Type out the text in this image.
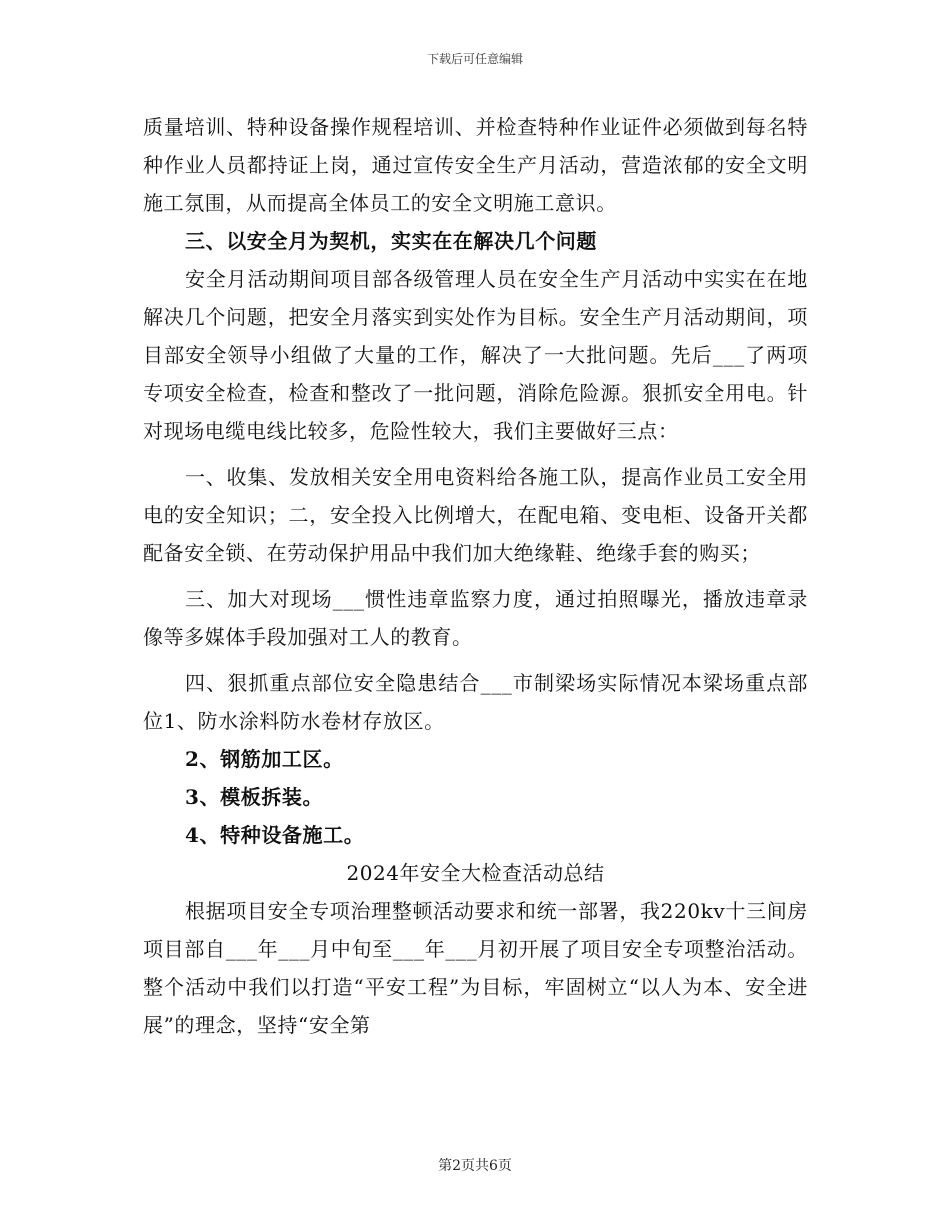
下载后可任意编辑

质量培训、特种设备操作规程培训、并检查特种作业证件必须做到每名特种作业人员都持证上岗，通过宣传安全生产月活动，营造浓郁的安全文明施工氛围，从而提高全体员工的安全文明施工意识。

三、以安全月为契机，实实在在解决几个问题

安全月活动期间项目部各级管理人员在安全生产月活动中实实在在地解决几个问题，把安全月落实到实处作为目标。安全生产月活动期间，项目部安全领导小组做了大量的工作，解决了一大批问题。先后___了两项专项安全检查，检查和整改了一批问题，消除危险源。狠抓安全用电。针对现场电缆电线比较多，危险性较大，我们主要做好三点：

一、收集、发放相关安全用电资料给各施工队，提高作业员工安全用电的安全知识；二，安全投入比例增大，在配电箱、变电柜、设备开关都配备安全锁、在劳动保护用品中我们加大绝缘鞋、绝缘手套的购买；

三、加大对现场___惯性违章监察力度，通过拍照曝光，播放违章录像等多媒体手段加强对工人的教育。

四、狠抓重点部位安全隐患结合___市制梁场实际情况本梁场重点部位1、防水涂料防水卷材存放区。

2、钢筋加工区。

3、模板拆装。

4、特种设备施工。

2024年安全大检查活动总结

根据项目安全专项治理整顿活动要求和统一部署，我220kv十三间房项目部自___年___月中旬至___年___月初开展了项目安全专项整治活动。整个活动中我们以打造“平安工程”为目标，牢固树立“以人为本、安全进展”的理念，坚持“安全第

第2页共6页
